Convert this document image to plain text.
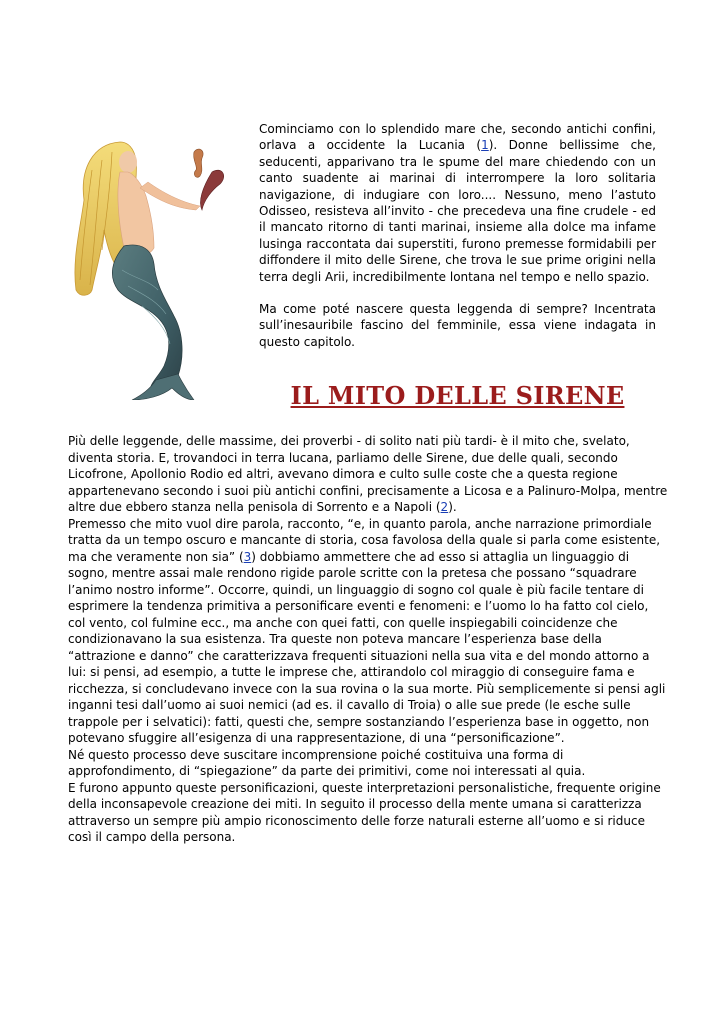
Cominciamo con lo splendido mare che, secondo antichi confini, orlava a occidente la Lucania (1). Donne bellissime che, seducenti, apparivano tra le spume del mare chiedendo con un canto suadente ai marinai di interrompere la loro solitaria navigazione, di indugiare con loro.... Nessuno, meno l’astuto Odisseo, resisteva all’invito - che precedeva una fine crudele - ed il mancato ritorno di tanti marinai, insieme alla dolce ma infame lusinga raccontata dai superstiti, furono premesse formidabili per diffondere il mito delle Sirene, che trova le sue prime origini nella terra degli Arii, incredibilmente lontana nel tempo e nello spazio.

Ma come poté nascere questa leggenda di sempre? Incentrata sull’inesauribile fascino del femminile, essa viene indagata in questo capitolo.

IL MITO DELLE SIRENE

Più delle leggende, delle massime, dei proverbi - di solito nati più tardi- è il mito che, svelato, diventa storia. E, trovandoci in terra lucana, parliamo delle Sirene, due delle quali, secondo Licofrone, Apollonio Rodio ed altri, avevano dimora e culto sulle coste che a questa regione appartenevano secondo i suoi più antichi confini, precisamente a Licosa e a Palinuro-Molpa, mentre altre due ebbero stanza nella penisola di Sorrento e a Napoli (2).

Premesso che mito vuol dire parola, racconto, “e, in quanto parola, anche narrazione primordiale tratta da un tempo oscuro e mancante di storia, cosa favolosa della quale si parla come esistente, ma che veramente non sia” (3) dobbiamo ammettere che ad esso si attaglia un linguaggio di sogno, mentre assai male rendono rigide parole scritte con la pretesa che possano “squadrare l’animo nostro informe”. Occorre, quindi, un linguaggio di sogno col quale è più facile tentare di esprimere la tendenza primitiva a personificare eventi e fenomeni: e l’uomo lo ha fatto col cielo, col vento, col fulmine ecc., ma anche con quei fatti, con quelle inspiegabili coincidenze che condizionavano la sua esistenza. Tra queste non poteva mancare l’esperienza base della “attrazione e danno” che caratterizzava frequenti situazioni nella sua vita e del mondo attorno a lui: si pensi, ad esempio, a tutte le imprese che, attirandolo col miraggio di conseguire fama e ricchezza, si concludevano invece con la sua rovina o la sua morte. Più semplicemente si pensi agli inganni tesi dall’uomo ai suoi nemici (ad es. il cavallo di Troia) o alle sue prede (le esche sulle trappole per i selvatici): fatti, questi che, sempre sostanziando l’esperienza base in oggetto, non potevano sfuggire all’esigenza di una rappresentazione, di una “personificazione”.

Né questo processo deve suscitare incomprensione poiché costituiva una forma di approfondimento, di “spiegazione” da parte dei primitivi, come noi interessati al quia.

E furono appunto queste personificazioni, queste interpretazioni personalistiche, frequente origine della inconsapevole creazione dei miti. In seguito il processo della mente umana si caratterizza attraverso un sempre più ampio riconoscimento delle forze naturali esterne all’uomo e si riduce così il campo della persona.
